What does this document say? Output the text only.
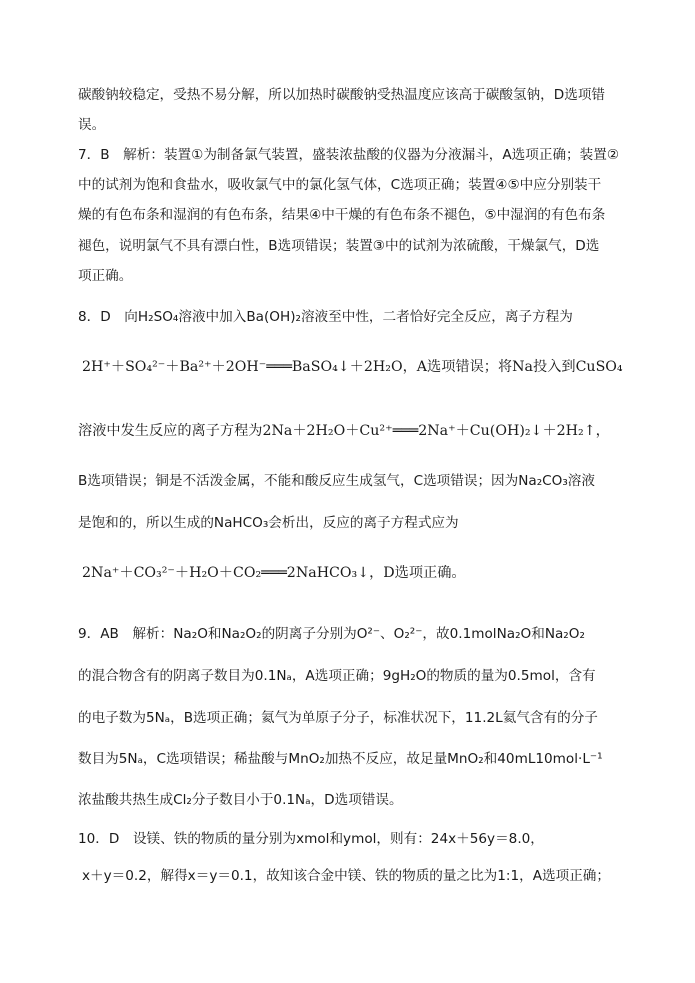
碳酸钠较稳定，受热不易分解，所以加热时碳酸钠受热温度应该高于碳酸氢钠，D选项错
误。
7．B　解析：装置①为制备氯气装置，盛装浓盐酸的仪器为分液漏斗，A选项正确；装置②
中的试剂为饱和食盐水，吸收氯气中的氯化氢气体，C选项正确；装置④⑤中应分别装干
燥的有色布条和湿润的有色布条，结果④中干燥的有色布条不褪色，⑤中湿润的有色布条
褪色，说明氯气不具有漂白性，B选项错误；装置③中的试剂为浓硫酸，干燥氯气，D选
项正确。
8．D　向H₂SO₄溶液中加入Ba(OH)₂溶液至中性，二者恰好完全反应，离子方程为
2H⁺＋SO₄²⁻＋Ba²⁺＋2OH⁻═══BaSO₄↓＋2H₂O，A选项错误；将Na投入到CuSO₄
溶液中发生反应的离子方程为2Na＋2H₂O＋Cu²⁺═══2Na⁺＋Cu(OH)₂↓＋2H₂↑，
B选项错误；铜是不活泼金属，不能和酸反应生成氢气，C选项错误；因为Na₂CO₃溶液
是饱和的，所以生成的NaHCO₃会析出，反应的离子方程式应为
2Na⁺＋CO₃²⁻＋H₂O＋CO₂═══2NaHCO₃↓，D选项正确。
9．AB　解析：Na₂O和Na₂O₂的阴离子分别为O²⁻、O₂²⁻，故0.1molNa₂O和Na₂O₂
的混合物含有的阴离子数目为0.1Nₐ，A选项正确；9gH₂O的物质的量为0.5mol，含有
的电子数为5Nₐ，B选项正确；氦气为单原子分子，标准状况下，11.2L氦气含有的分子
数目为5Nₐ，C选项错误；稀盐酸与MnO₂加热不反应，故足量MnO₂和40mL10mol·L⁻¹
浓盐酸共热生成Cl₂分子数目小于0.1Nₐ，D选项错误。
10．D　设镁、铁的物质的量分别为xmol和ymol，则有：24x＋56y＝8.0，
x＋y＝0.2，解得x＝y＝0.1，故知该合金中镁、铁的物质的量之比为1:1，A选项正确；
